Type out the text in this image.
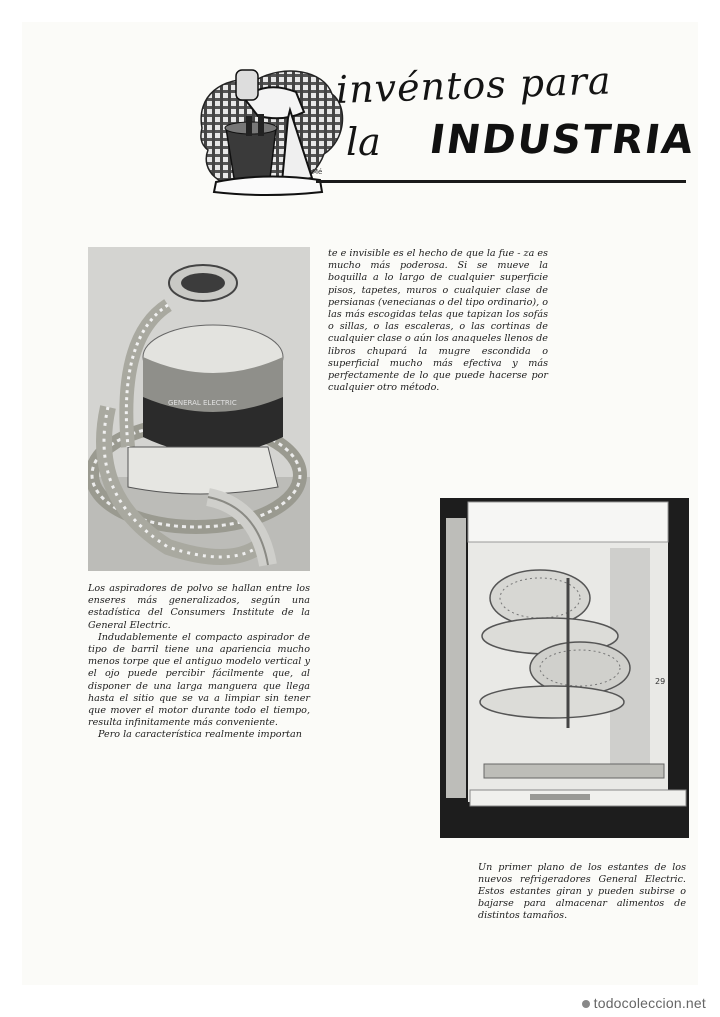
invéntos para
la INDUSTRIA
Mé
GENERAL ELECTRIC

te e invisible es el hecho de que la fue - za es mucho más poderosa. Si se mueve la boquilla a lo largo de cualquier superficie pisos, tapetes, muros o cualquier clase de persianas (venecianas o del tipo ordinario), o las más escogidas telas que tapizan los sofás o sillas, o las escaleras, o las cortinas de cualquier clase o aún los anaqueles llenos de libros chupará la mugre escondida o superficial mucho más efectiva y más perfectamente de lo que puede hacerse por cualquier otro método.

Los aspiradores de polvo se hallan entre los enseres más generalizados, según una estadística del Consumers Institute de la General Electric.

Indudablemente el compacto aspirador de tipo de barril tiene una apariencia mucho menos torpe que el antiguo modelo vertical y el ojo puede percibir fácilmente que, al disponer de una larga manguera que llega hasta el sitio que se va a limpiar sin tener que mover el motor durante todo el tiempo, resulta infinitamente más conveniente.

Pero la característica realmente importan

29

Un primer plano de los estantes de los nuevos refrigeradores General Electric. Estos estantes giran y pueden subirse o bajarse para almacenar alimentos de distintos tamaños.

todocoleccion.net
